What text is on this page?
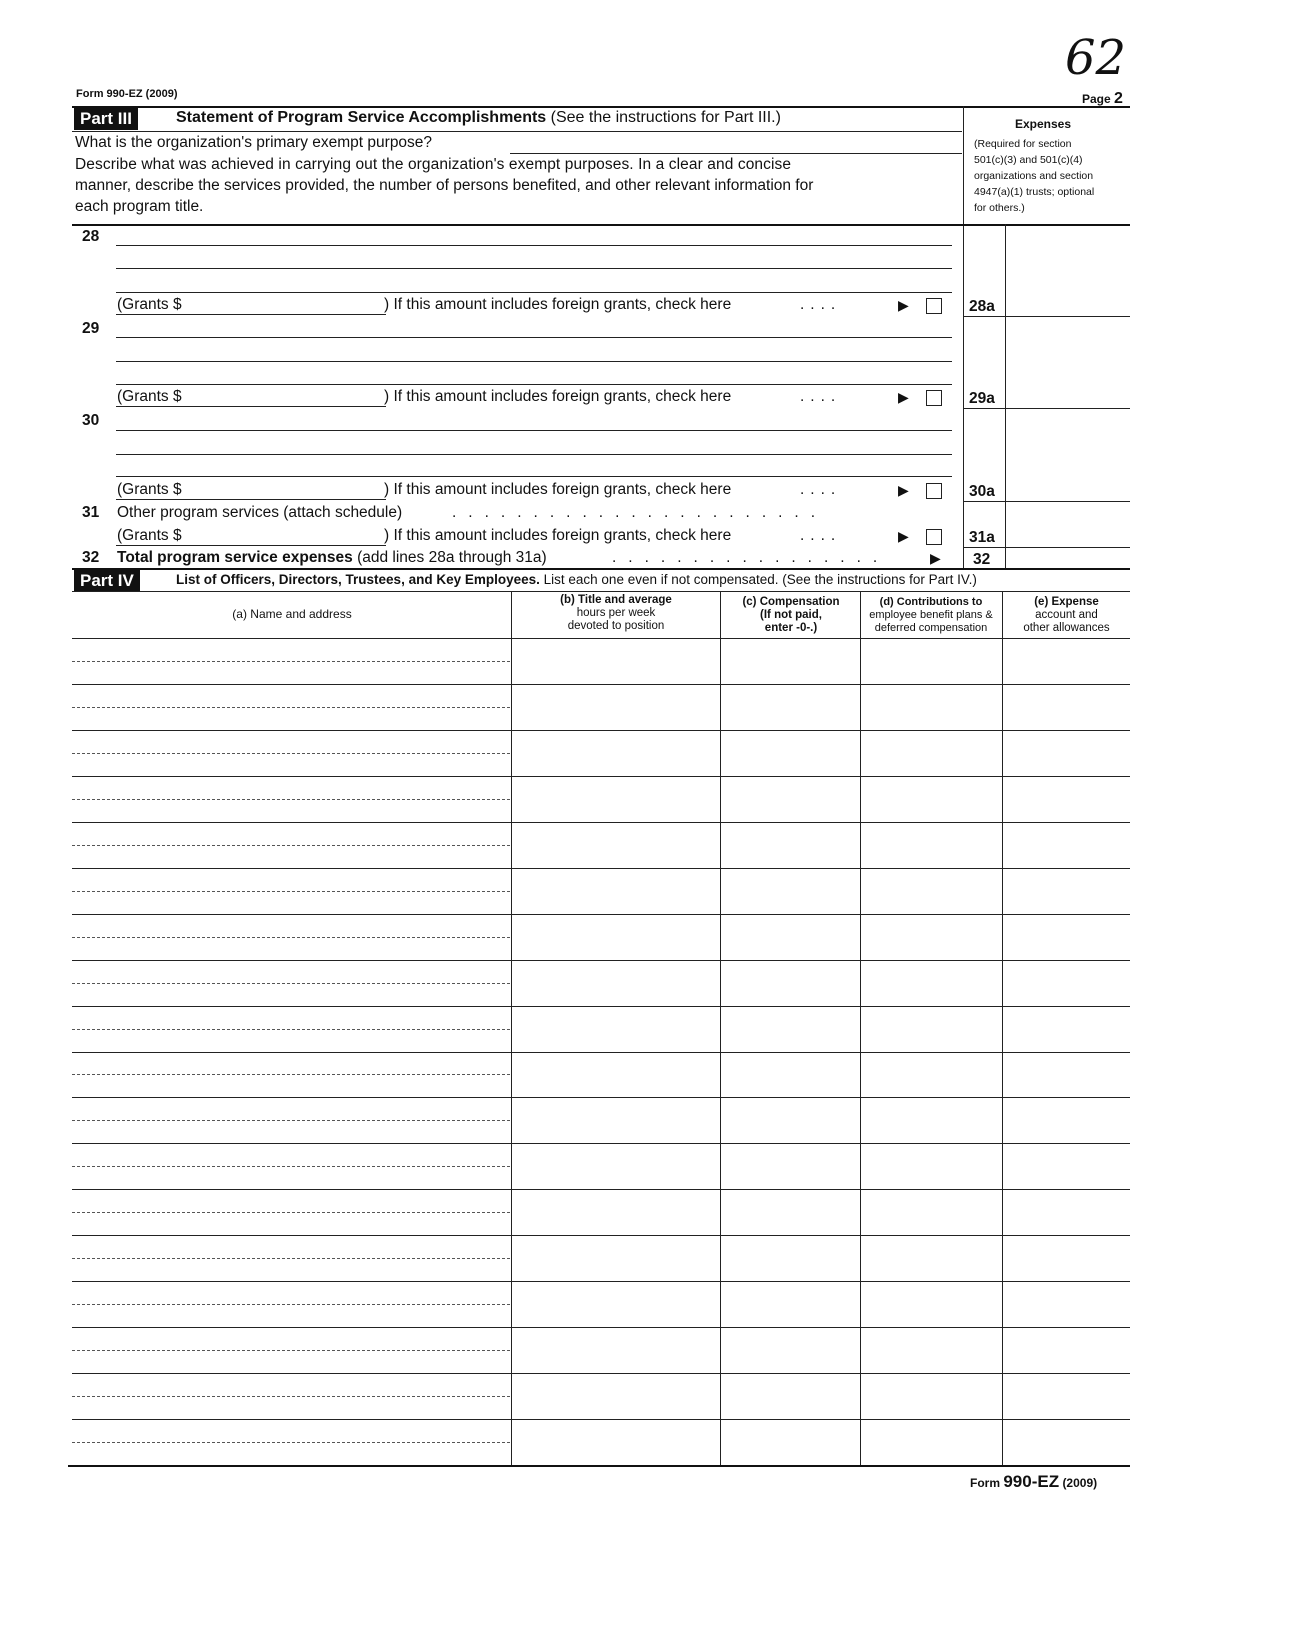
62
Form 990-EZ (2009)	Page 2
Part III	Statement of Program Service Accomplishments (See the instructions for Part III.)
What is the organization's primary exempt purpose?
Describe what was achieved in carrying out the organization's exempt purposes. In a clear and concise
manner, describe the services provided, the number of persons benefited, and other relevant information for
each program title.
Expenses
(Required for section
501(c)(3) and 501(c)(4)
organizations and section
4947(a)(1) trusts; optional
for others.)
28
(Grants $	) If this amount includes foreign grants, check here	....	▶	28a
29
(Grants $	) If this amount includes foreign grants, check here	....	▶	29a
30
(Grants $	) If this amount includes foreign grants, check here	....	▶	30a
31 Other program services (attach schedule)	.......................
(Grants $	) If this amount includes foreign grants, check here	....	▶	31a
32 Total program service expenses (add lines 28a through 31a)	.................	▶ 32
Part IV	List of Officers, Directors, Trustees, and Key Employees. List each one even if not compensated. (See the instructions for Part IV.)
(a) Name and address
(b) Title and average
hours per week
devoted to position
(c) Compensation
(If not paid,
enter -0-.)
(d) Contributions to
employee benefit plans &
deferred compensation
(e) Expense
account and
other allowances
Form 990-EZ (2009)
